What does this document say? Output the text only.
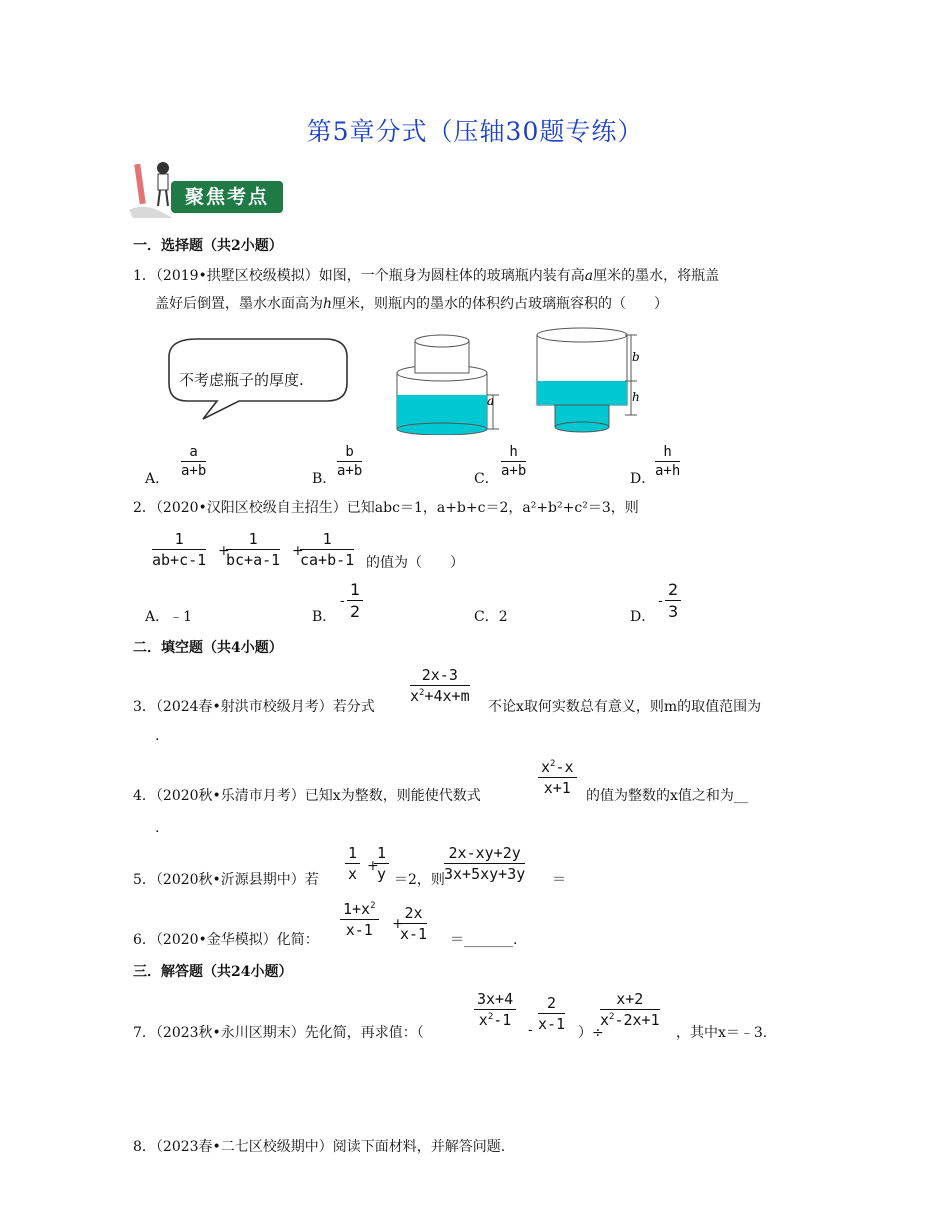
第5章分式（压轴30题专练）
聚焦考点
一．选择题（共2小题）
1．（2019•拱墅区校级模拟）如图，一个瓶身为圆柱体的玻璃瓶内装有高a厘米的墨水，将瓶盖
盖好后倒置，墨水水面高为h厘米，则瓶内的墨水的体积约占玻璃瓶容积的（　　）
a
b
h
不考虑瓶子的厚度.
A． $\frac{a}{a+b}$	B． $\frac{b}{a+b}$	C． $\frac{h}{a+b}$	D． $\frac{h}{a+h}$
2．（2020•汉阳区校级自主招生）已知abc＝1，a+b+c＝2，a²+b²+c²＝3，则
$\frac{1}{ab+c-1}$ +
$\frac{1}{bc+a-1}$ +
$\frac{1}{ca+b-1}$ 的值为（　　）
A．﹣1	B．
- $\frac{1}{2}$	C．2	D．
- $\frac{2}{3}$
二．填空题（共4小题）
3．（2024春•射洪市校级月考）若分式
$\frac{2x-3}{x^2+4x+m}$
不论x取何实数总有意义，则m的取值范围为
.
4．（2020秋•乐清市月考）已知x为整数，则能使代数式	$\frac{x^2-x}{x+1}$ 的值为整数的x值之和为__
.
5．（2020秋•沂源县期中）若 $\frac{1}{x}$ +
$\frac{1}{y} =2$，则 $\frac{2x-xy+2y}{3x+5xy+3y}$ ＝
6．（2020•金华模拟）化简：
$\frac{1+x^2}{x-1}$ +
$\frac{2x}{x-1}$ ＝_______.
三．解答题（共24小题）
7．（2023秋•永川区期末）先化简，再求值：（
$\frac{3x+4}{x^2-1}$
- $\frac{2}{x-1}$ ）÷
$\frac{x+2}{x^2-2x+1}$
，其中x＝﹣3.
8．（2023春•二七区校级期中）阅读下面材料，并解答问题.
